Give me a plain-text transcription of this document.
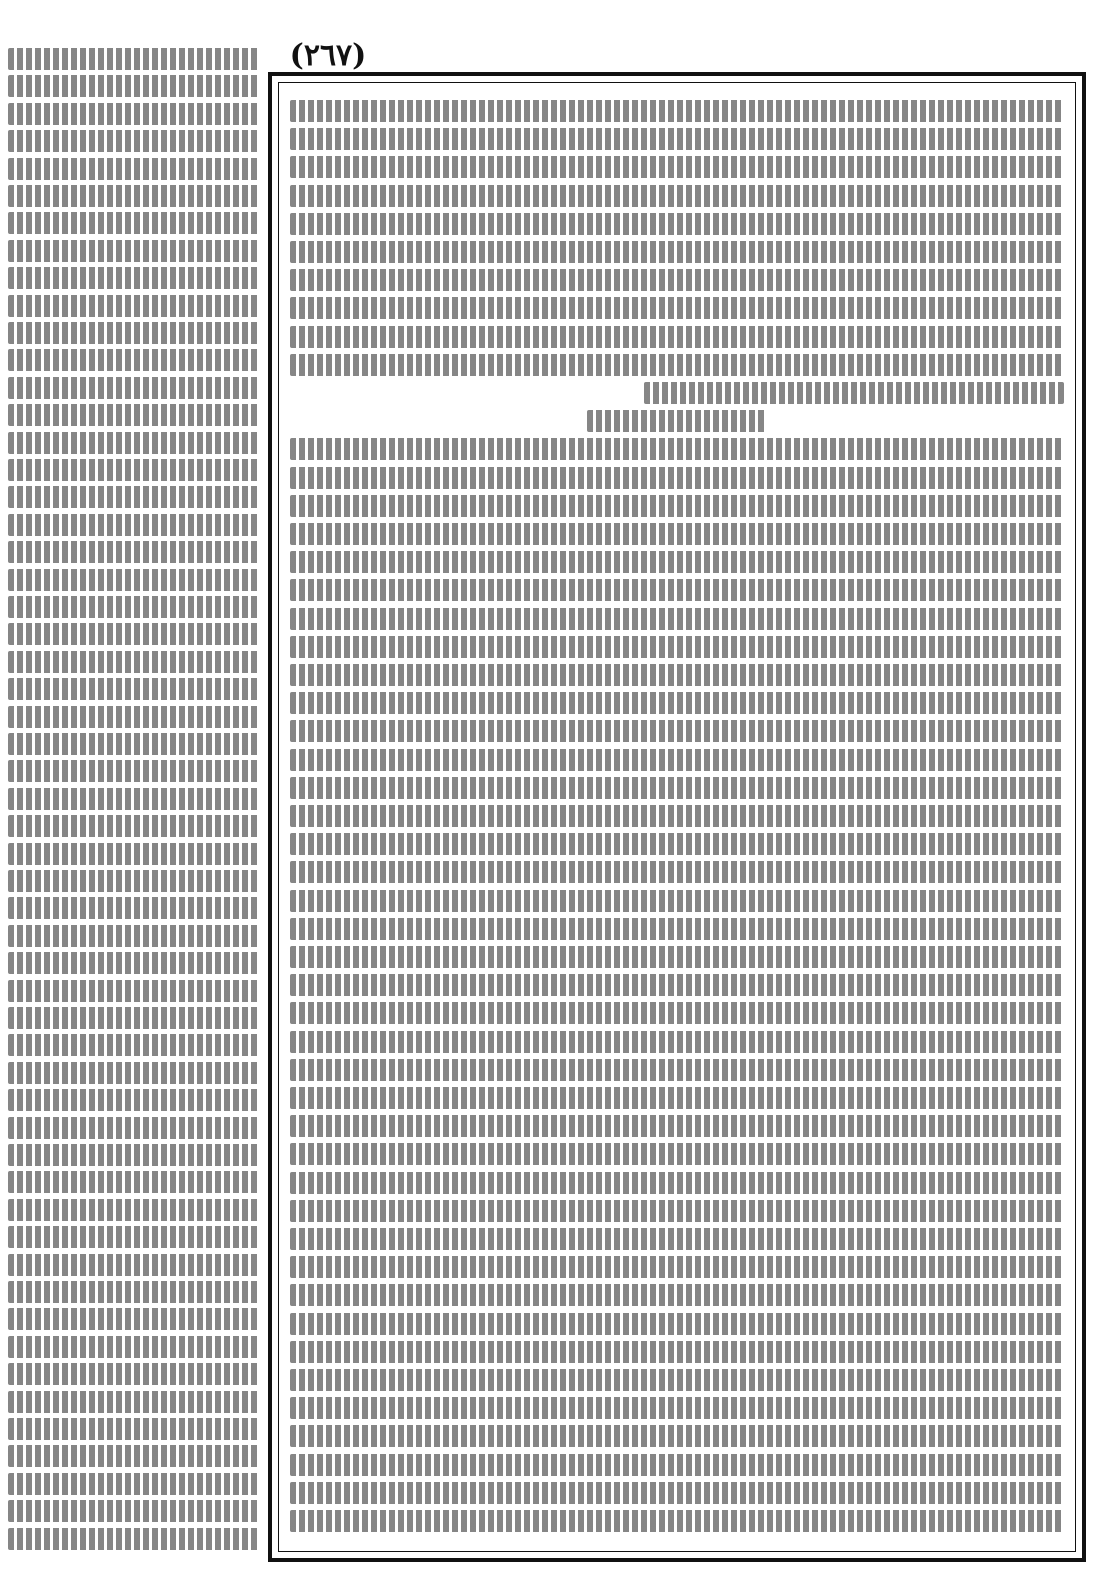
(٢٦٧)
